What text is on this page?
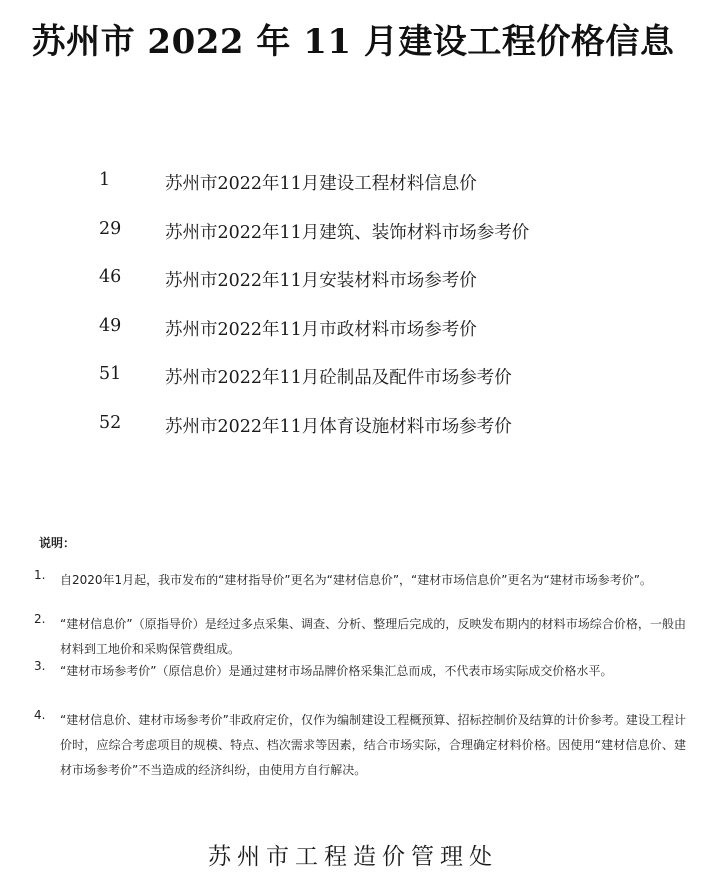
苏州市 2022 年 11 月建设工程价格信息
1	苏州市2022年11月建设工程材料信息价
29 苏州市2022年11月建筑、装饰材料市场参考价
46 苏州市2022年11月安装材料市场参考价
49 苏州市2022年11月市政材料市场参考价
51 苏州市2022年11月砼制品及配件市场参考价
52 苏州市2022年11月体育设施材料市场参考价
说明：
1. 自2020年1月起，我市发布的“建材指导价”更名为“建材信息价”，“建材市场信息价”更名为“建材市场参考价”。
2. “建材信息价”（原指导价）是经过多点采集、调查、分析、整理后完成的，反映发布期内的材料市场综合价格，一般由材料到工地价和采购保管费组成。
3. “建材市场参考价”（原信息价）是通过建材市场品牌价格采集汇总而成，不代表市场实际成交价格水平。
4. “建材信息价、建材市场参考价”非政府定价，仅作为编制建设工程概预算、招标控制价及结算的计价参考。建设工程计价时，应综合考虑项目的规模、特点、档次需求等因素，结合市场实际，合理确定材料价格。因使用“建材信息价、建材市场参考价”不当造成的经济纠纷，由使用方自行解决。
苏州市工程造价管理处
